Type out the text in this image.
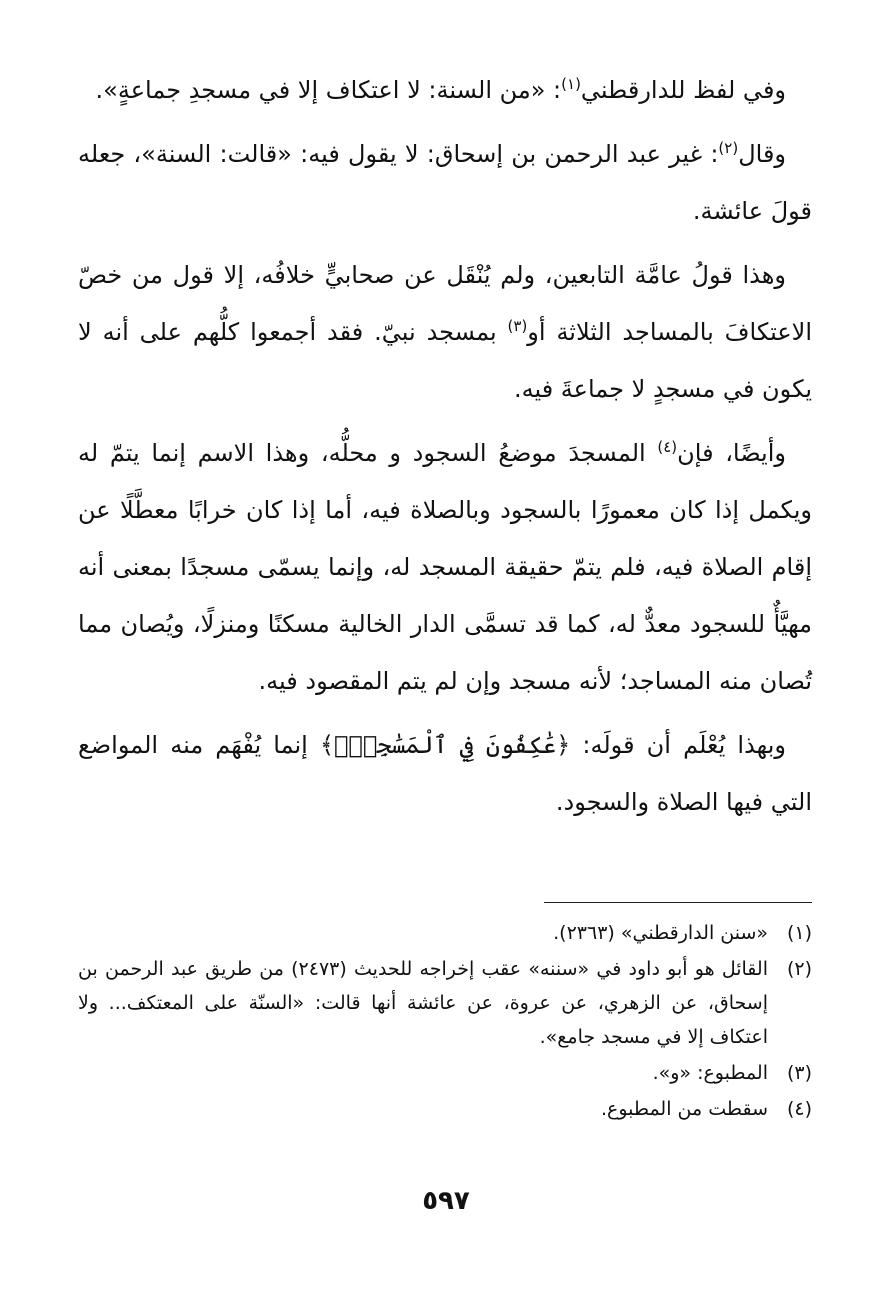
وفي لفظ للدارقطني$^{(١)}$: «من السنة: لا اعتكاف إلا في مسجدِ جماعةٍ».

وقال$^{(٢)}$: غير عبد الرحمن بن إسحاق: لا يقول فيه: «قالت: السنة»، جعله قولَ عائشة.

وهذا قولُ عامَّة التابعين، ولم يُنْقَل عن صحابيٍّ خلافُه، إلا قول من خصّ الاعتكافَ بالمساجد الثلاثة أو$^{(٣)}$ بمسجد نبيّ. فقد أجمعوا كلُّهم على أنه لا يكون في مسجدٍ لا جماعةَ فيه.

وأيضًا، فإن$^{(٤)}$ المسجدَ موضعُ السجود و محلُّه، وهذا الاسم إنما يتمّ له ويكمل إذا كان معمورًا بالسجود وبالصلاة فيه، أما إذا كان خرابًا معطَّلًا عن إقام الصلاة فيه، فلم يتمّ حقيقة المسجد له، وإنما يسمّى مسجدًا بمعنى أنه مهيَّأٌ للسجود معدٌّ له، كما قد تسمَّى الدار الخالية مسكنًا ومنزلًا، ويُصان مما تُصان منه المساجد؛ لأنه مسجد وإن لم يتم المقصود فيه.

وبهذا يُعْلَم أن قولَه: ﴿عَٰكِفُونَ فِي ٱلْمَسَٰجِدِۗ﴾ إنما يُفْهَم منه المواضع التي فيها الصلاة والسجود.

(١)
«سنن الدارقطني» (٢٣٦٣).
(٢)
القائل هو أبو داود في «سننه» عقب إخراجه للحديث (٢٤٧٣) من طريق عبد الرحمن بن إسحاق، عن الزهري، عن عروة، عن عائشة أنها قالت: «السنّة على المعتكف... ولا اعتكاف إلا في مسجد جامع».
(٣)
المطبوع: «و».
(٤)
سقطت من المطبوع.
٥٩٧
